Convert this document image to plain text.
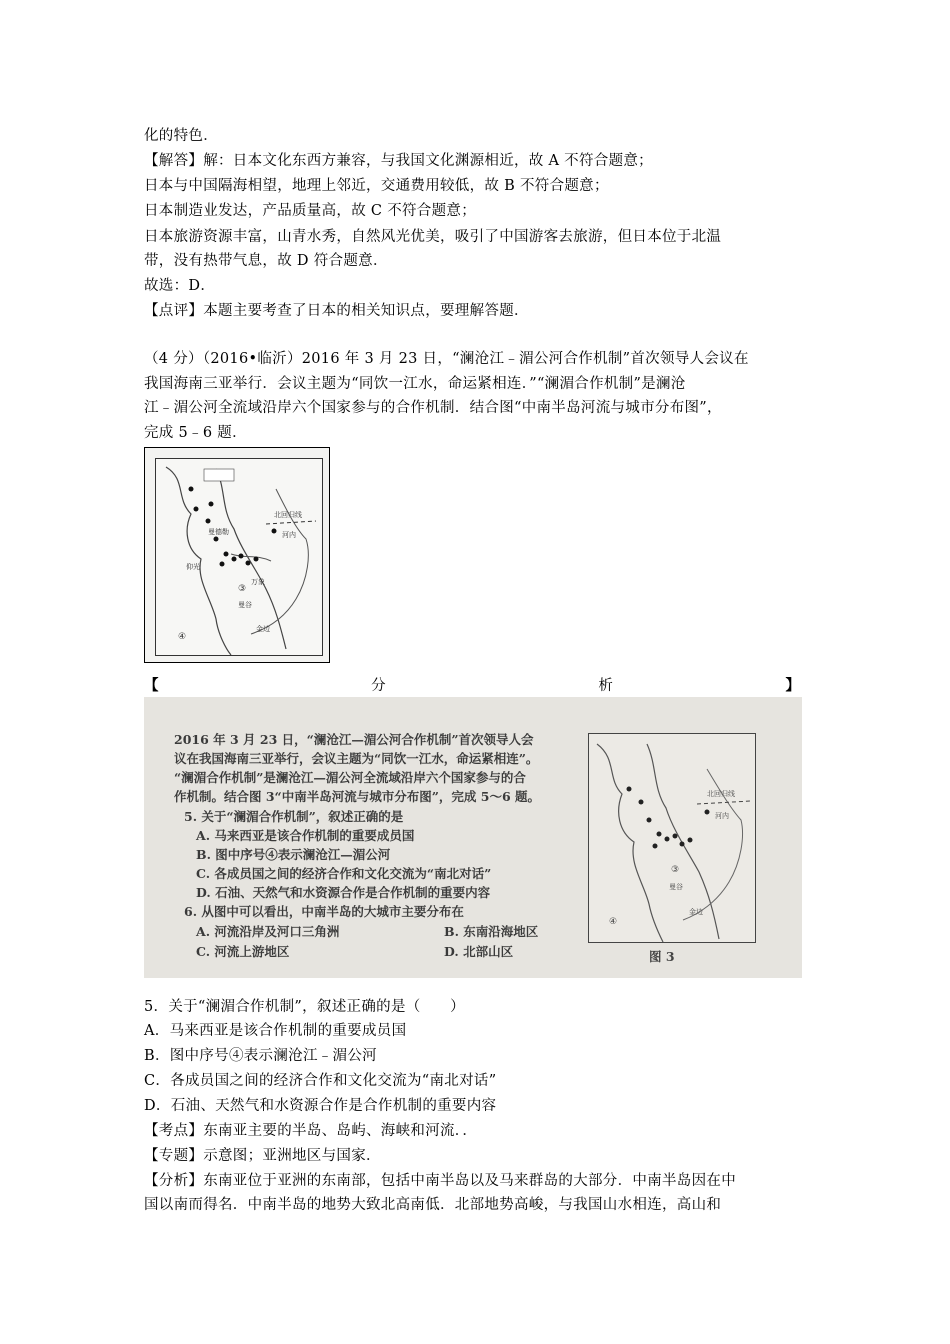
化的特色．
【解答】解：日本文化东西方兼容，与我国文化渊源相近，故 A 不符合题意；
日本与中国隔海相望，地理上邻近，交通费用较低，故 B 不符合题意；
日本制造业发达，产品质量高，故 C 不符合题意；
日本旅游资源丰富，山青水秀，自然风光优美，吸引了中国游客去旅游，但日本位于北温
带，没有热带气息，故 D 符合题意．
故选：D．
【点评】本题主要考查了日本的相关知识点，要理解答题．
（4 分）（2016•临沂）2016 年 3 月 23 日，“澜沧江﹣湄公河合作机制”首次领导人会议在
我国海南三亚举行．会议主题为“同饮一江水，命运紧相连．”“澜湄合作机制”是澜沧
江﹣湄公河全流域沿岸六个国家参与的合作机制．结合图“中南半岛河流与城市分布图”，
完成 5﹣6 题．
北回归线
河内
曼德勒
仰光
万象
③
曼谷
金边
④
【	分	析	】
2016 年 3 月 23 日，“澜沧江—湄公河合作机制”首次领导人会
议在我国海南三亚举行，会议主题为“同饮一江水，命运紧相连”。
“澜湄合作机制”是澜沧江—湄公河全流域沿岸六个国家参与的合
作机制。结合图 3“中南半岛河流与城市分布图”，完成 5～6 题。
5. 关于“澜湄合作机制”，叙述正确的是
A. 马来西亚是该合作机制的重要成员国
B. 图中序号④表示澜沧江—湄公河
C. 各成员国之间的经济合作和文化交流为“南北对话”
D. 石油、天然气和水资源合作是合作机制的重要内容
6. 从图中可以看出，中南半岛的大城市主要分布在
A. 河流沿岸及河口三角洲	B. 东南沿海地区
C. 河流上游地区	D. 北部山区
北回归线
河内
③
曼谷
金边
④
图 3
5．关于“澜湄合作机制”，叙述正确的是（　　）
A．马来西亚是该合作机制的重要成员国
B．图中序号④表示澜沧江﹣湄公河
C．各成员国之间的经济合作和文化交流为“南北对话”
D．石油、天然气和水资源合作是合作机制的重要内容
【考点】东南亚主要的半岛、岛屿、海峡和河流．．
【专题】示意图；亚洲地区与国家．
【分析】东南亚位于亚洲的东南部，包括中南半岛以及马来群岛的大部分．中南半岛因在中
国以南而得名．中南半岛的地势大致北高南低．北部地势高峻，与我国山水相连，高山和
